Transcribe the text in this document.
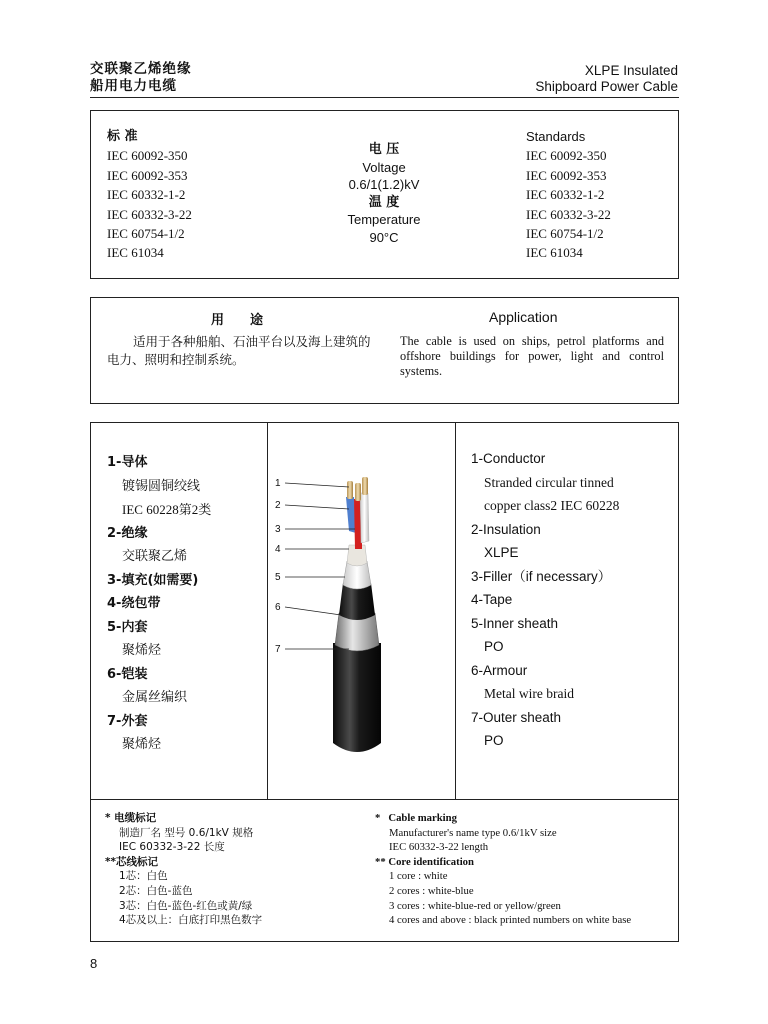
交联聚乙烯绝缘
船用电力电缆
XLPE Insulated
Shipboard Power Cable
标 准
IEC 60092-350
IEC 60092-353
IEC 60332-1-2
IEC 60332-3-22
IEC 60754-1/2
IEC 61034
电 压
Voltage
0.6/1(1.2)kV
温 度
Temperature
90°C
Standards
IEC 60092-350
IEC 60092-353
IEC 60332-1-2
IEC 60332-3-22
IEC 60754-1/2
IEC 61034
用途	Application
适用于各种船舶、石油平台以及海上建筑的电力、照明和控制系统。
The cable is used on ships, petrol platforms and offshore buildings for power, light and control systems.
1-导体
镀锡圆铜绞线
IEC 60228第2类
2-绝缘
交联聚乙烯
3-填充(如需要)
4-绕包带
5-内套
聚烯烃
6-铠装
金属丝编织
7-外套
聚烯烃
1
2
3
4
5
6
7
1-Conductor
Stranded circular tinned
copper class2 IEC 60228
2-Insulation
XLPE
3-Filler（if necessary）
4-Tape
5-Inner sheath
PO
6-Armour
Metal wire braid
7-Outer sheath
PO
* 电缆标记
制造厂名 型号 0.6/1kV 规格
IEC 60332-3-22 长度
**芯线标记
1芯：白色
2芯：白色-蓝色
3芯：白色-蓝色-红色或黄/绿
4芯及以上：白底打印黑色数字
* Cable marking
Manufacturer's name type 0.6/1kV size
IEC 60332-3-22 length
** Core identification
1 core : white
2 cores : white-blue
3 cores : white-blue-red or yellow/green
4 cores and above : black printed numbers on white base
8
